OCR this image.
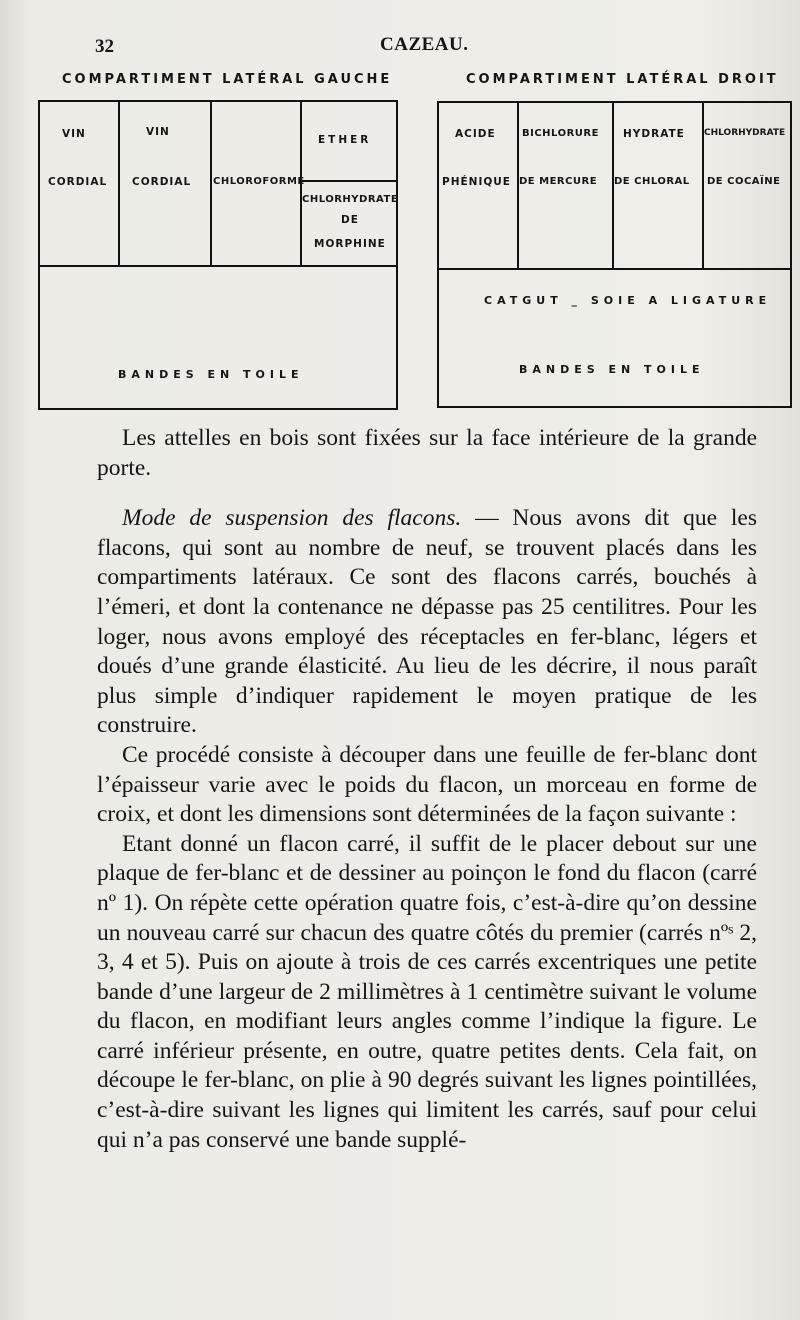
32	CAZEAU.
COMPARTIMENT LATÉRAL GAUCHE
VIN
CORDIAL
VIN
CORDIAL CHLOROFORME
ETHER
CHLORHYDRATE
DE
MORPHINE
BANDES EN TOILE
COMPARTIMENT LATÉRAL DROIT
ACIDE
PHÉNIQUE
BICHLORURE
DE MERCURE
HYDRATE
DE CHLORAL
CHLORHYDRATE
DE COCAÏNE
CATGUT _ SOIE A LIGATURE
BANDES EN TOILE

Les attelles en bois sont fixées sur la face intérieure de la grande porte.

Mode de suspension des flacons. — Nous avons dit que les flacons, qui sont au nombre de neuf, se trouvent placés dans les compartiments latéraux. Ce sont des flacons carrés, bouchés à l’émeri, et dont la contenance ne dépasse pas 25 centilitres. Pour les loger, nous avons employé des réceptacles en fer-blanc, légers et doués d’une grande élasticité. Au lieu de les décrire, il nous paraît plus simple d’indiquer rapidement le moyen pratique de les construire.

Ce procédé consiste à découper dans une feuille de fer-blanc dont l’épaisseur varie avec le poids du flacon, un morceau en forme de croix, et dont les dimensions sont déterminées de la façon suivante :

Etant donné un flacon carré, il suffit de le placer debout sur une plaque de fer-blanc et de dessiner au poinçon le fond du flacon (carré nº 1). On répète cette opération quatre fois, c’est-à-dire qu’on dessine un nouveau carré sur chacun des quatre côtés du premier (carrés nºˢ 2, 3, 4 et 5). Puis on ajoute à trois de ces carrés excentriques une petite bande d’une largeur de 2 millimètres à 1 centimètre suivant le volume du flacon, en modifiant leurs angles comme l’indique la figure. Le carré inférieur présente, en outre, quatre petites dents. Cela fait, on découpe le fer-blanc, on plie à 90 degrés suivant les lignes pointillées, c’est-à-dire suivant les lignes qui limitent les carrés, sauf pour celui qui n’a pas conservé une bande supplé-
